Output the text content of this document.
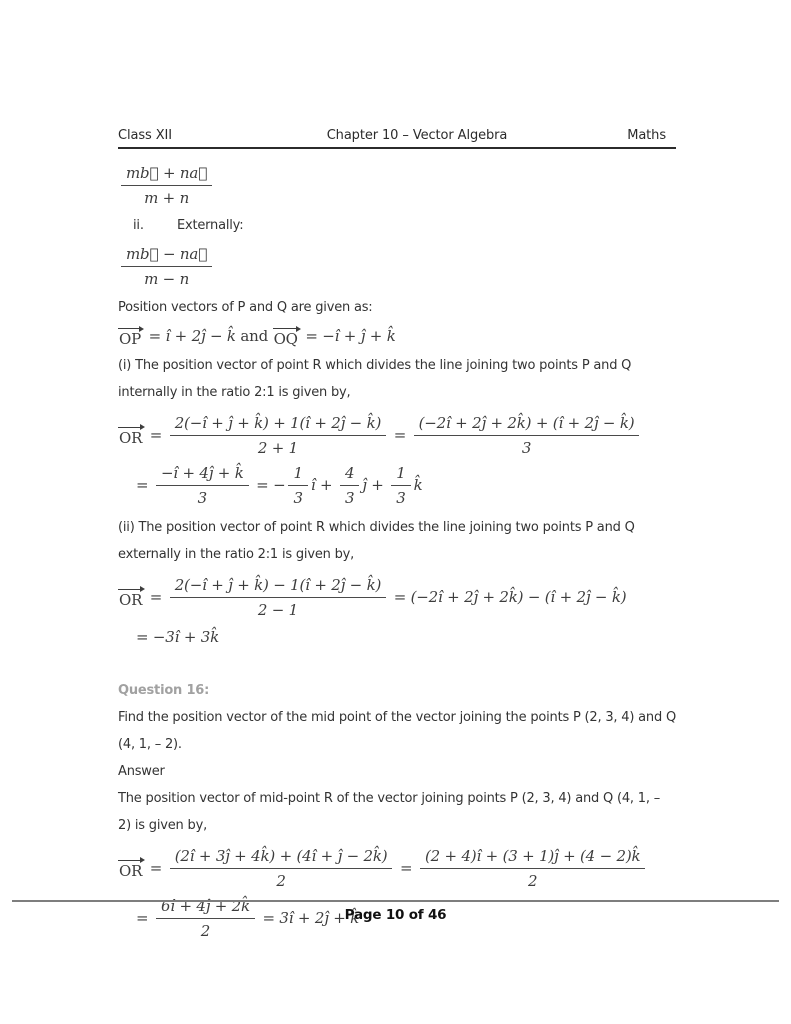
Class XII	Chapter 10 – Vector Algebra	Maths
$\frac{mb⃗ + na⃗}{m + n}$
ii.	Externally:
$\frac{mb⃗ - na⃗}{m - n}$
Position vectors of P and Q are given as:
OP = î + 2ĵ − k̂ and OQ = −î + ĵ + k̂
(i) The position vector of point R which divides the line joining two points P and Q
internally in the ratio 2:1 is given by,
OR = $\frac{2(-î + ĵ + k̂) + 1(î + 2ĵ - k̂)}{2 + 1} = \frac{(-2î + 2ĵ + 2k̂) + (î + 2ĵ - k̂)}{3}$
= $\frac{-î + 4ĵ + k̂}{3}$ = − $\frac{1}{3}$ î + $\frac{4}{3}$ ĵ + $\frac{1}{3}$ k̂
(ii) The position vector of point R which divides the line joining two points P and Q
externally in the ratio 2:1 is given by,
OR = $\frac{2(-î + ĵ + k̂) - 1(î + 2ĵ - k̂)}{2 - 1}$ = (−2î + 2ĵ + 2k̂) − (î + 2ĵ − k̂)
= −3î + 3k̂
Question 16:
Find the position vector of the mid point of the vector joining the points P (2, 3, 4) and Q
(4, 1, – 2).
Answer
The position vector of mid-point R of the vector joining points P (2, 3, 4) and Q (4, 1, –
2) is given by,
OR = $\frac{(2î + 3ĵ + 4k̂) + (4î + ĵ - 2k̂)}{2} = \frac{(2 + 4)î + (3 + 1)ĵ + (4 - 2)k̂}{2}$
= $\frac{6î + 4ĵ + 2k̂}{2}$ = 3î + 2ĵ + k̂
Page 10 of 46
